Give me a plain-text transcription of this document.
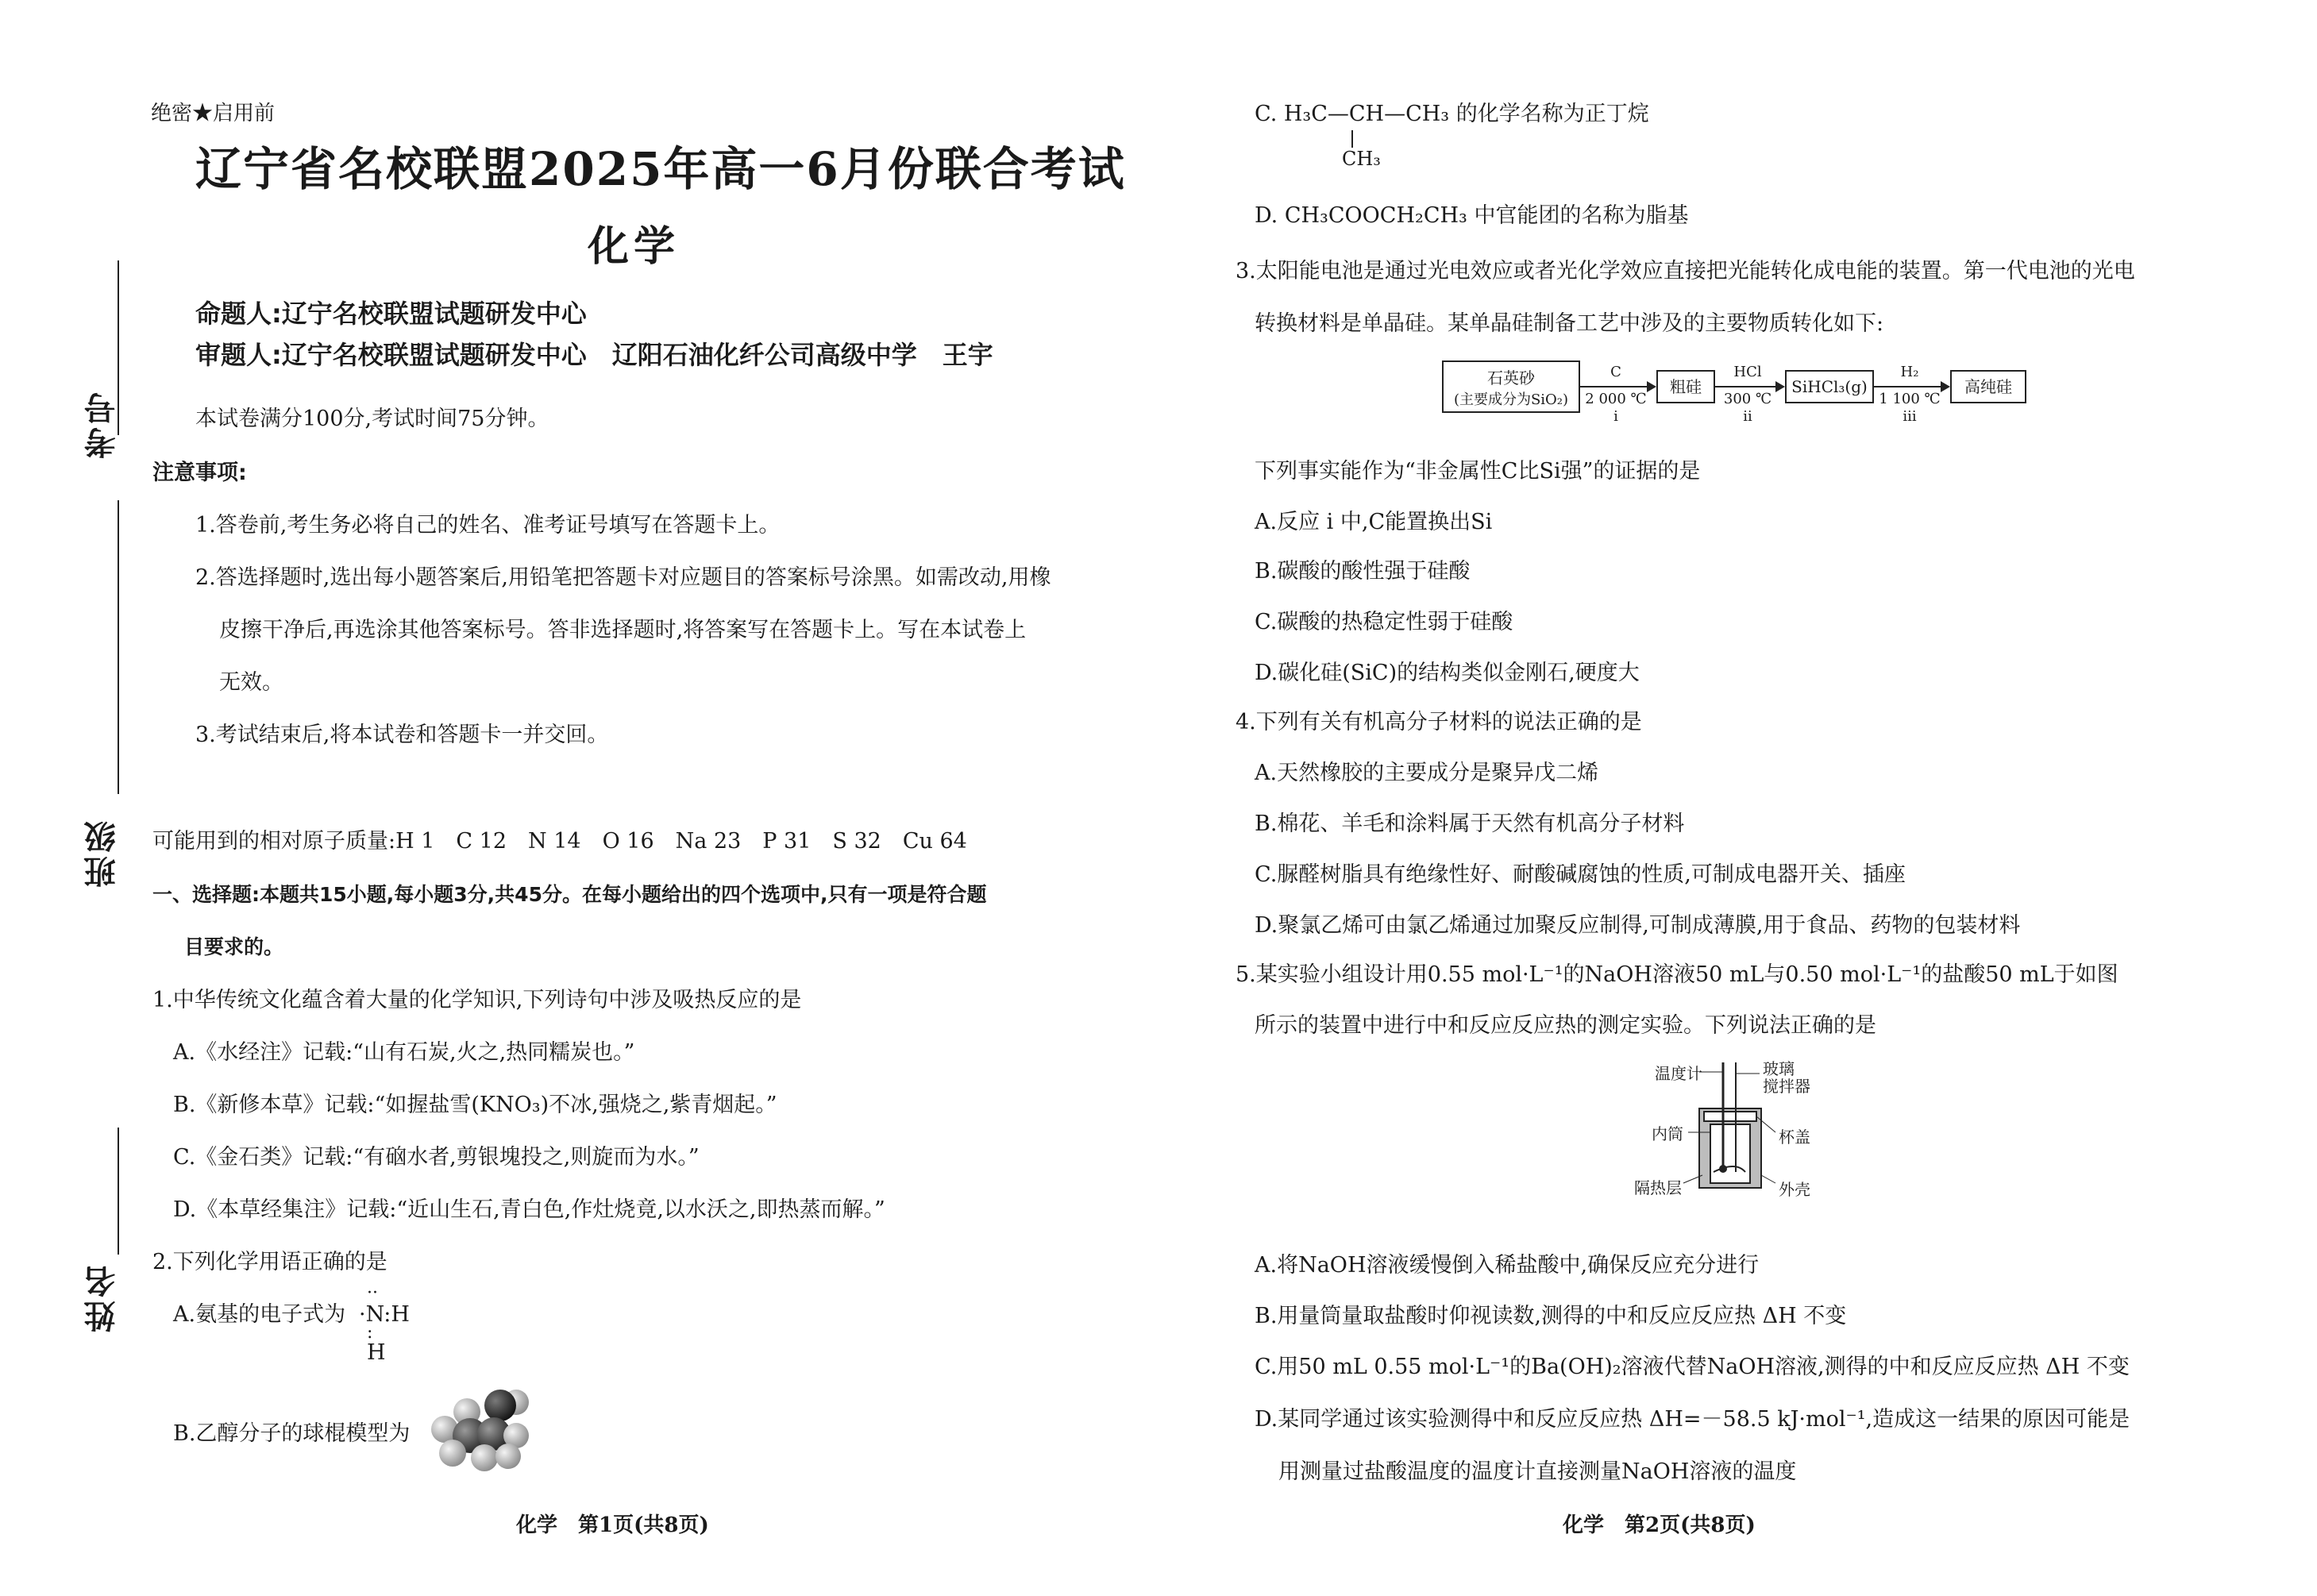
考号
班级
姓名
绝密★启用前
辽宁省名校联盟2025年高一6月份联合考试
化学
命题人:辽宁名校联盟试题研发中心
审题人:辽宁名校联盟试题研发中心　辽阳石油化纤公司高级中学　王宇
本试卷满分100分,考试时间75分钟。
注意事项:
1.答卷前,考生务必将自己的姓名、准考证号填写在答题卡上。
2.答选择题时,选出每小题答案后,用铅笔把答题卡对应题目的答案标号涂黑。如需改动,用橡
皮擦干净后,再选涂其他答案标号。答非选择题时,将答案写在答题卡上。写在本试卷上
无效。
3.考试结束后,将本试卷和答题卡一并交回。
可能用到的相对原子质量:H 1　C 12　N 14　O 16　Na 23　P 31　S 32　Cu 64
一、选择题:本题共15小题,每小题3分,共45分。在每小题给出的四个选项中,只有一项是符合题
目要求的。
1.中华传统文化蕴含着大量的化学知识,下列诗句中涉及吸热反应的是
A.《水经注》记载:“山有石炭,火之,热同糯炭也。”
B.《新修本草》记载:“如握盐雪(KNO₃)不冰,强烧之,紫青烟起。”
C.《金石类》记载:“有硇水者,剪银塊投之,则旋而为水。”
D.《本草经集注》记载:“近山生石,青白色,作灶烧竟,以水沃之,即热蒸而解。”
2.下列化学用语正确的是
A.氨基的电子式为
··
·N:H
:
H
B.乙醇分子的球棍模型为
化学　第1页(共8页)
C. H₃C—CH—CH₃ 的化学名称为正丁烷
CH₃
D. CH₃COOCH₂CH₃ 中官能团的名称为脂基
3.太阳能电池是通过光电效应或者光化学效应直接把光能转化成电能的装置。第一代电池的光电
转换材料是单晶硅。某单晶硅制备工艺中涉及的主要物质转化如下:
石英砂
(主要成分为SiO₂)
C
2 000 ℃
i
粗硅
HCl
300 ℃
ii
SiHCl₃(g)
H₂
1 100 ℃
iii
高纯硅
下列事实能作为“非金属性C比Si强”的证据的是
A.反应 i 中,C能置换出Si
B.碳酸的酸性强于硅酸
C.碳酸的热稳定性弱于硅酸
D.碳化硅(SiC)的结构类似金刚石,硬度大
4.下列有关有机高分子材料的说法正确的是
A.天然橡胶的主要成分是聚异戊二烯
B.棉花、羊毛和涂料属于天然有机高分子材料
C.脲醛树脂具有绝缘性好、耐酸碱腐蚀的性质,可制成电器开关、插座
D.聚氯乙烯可由氯乙烯通过加聚反应制得,可制成薄膜,用于食品、药物的包装材料
5.某实验小组设计用0.55 mol·L⁻¹的NaOH溶液50 mL与0.50 mol·L⁻¹的盐酸50 mL于如图
所示的装置中进行中和反应反应热的测定实验。下列说法正确的是
温度计	玻璃
搅拌器
内筒	杯盖
隔热层	外壳
A.将NaOH溶液缓慢倒入稀盐酸中,确保反应充分进行
B.用量筒量取盐酸时仰视读数,测得的中和反应反应热 ΔH 不变
C.用50 mL 0.55 mol·L⁻¹的Ba(OH)₂溶液代替NaOH溶液,测得的中和反应反应热 ΔH 不变
D.某同学通过该实验测得中和反应反应热 ΔH=－58.5 kJ·mol⁻¹,造成这一结果的原因可能是
用测量过盐酸温度的温度计直接测量NaOH溶液的温度
化学　第2页(共8页)
